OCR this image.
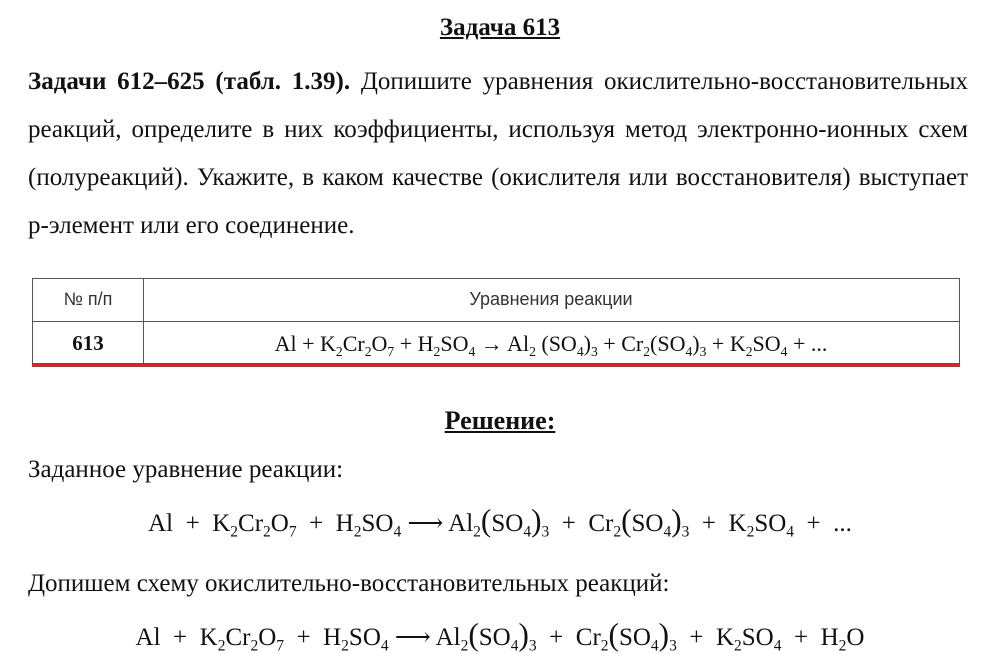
Задача 613
Задачи 612–625 (табл. 1.39). Допишите уравнения окислительно-восстановительных реакций, определите в них коэффициенты, используя метод электронно-ионных схем (полуреакций). Укажите, в каком качестве (окислителя или восстановителя) выступает p-элемент или его соединение.
№ п/п	Уравнения реакции
613	$Al + K_2Cr_2O_7 + H_2SO_4 \to Al_2$ $(SO_4)_3 + Cr_2(SO_4)_3 + K_2SO_4$ + ...
Решение:
Заданное уравнение реакции:
$Al + K_2Cr_2O_7 + H_2SO_4$ ⟶ $Al_2(SO_4)_3 + Cr_2(SO_4)_3 + K_2SO_4$  +  ...
Допишем схему окислительно-восстановительных реакций:
$Al + K_2Cr_2O_7 + H_2SO_4$ ⟶ $Al_2(SO_4)_3 + Cr_2(SO_4)_3 + K_2SO_4 + H_2O$
